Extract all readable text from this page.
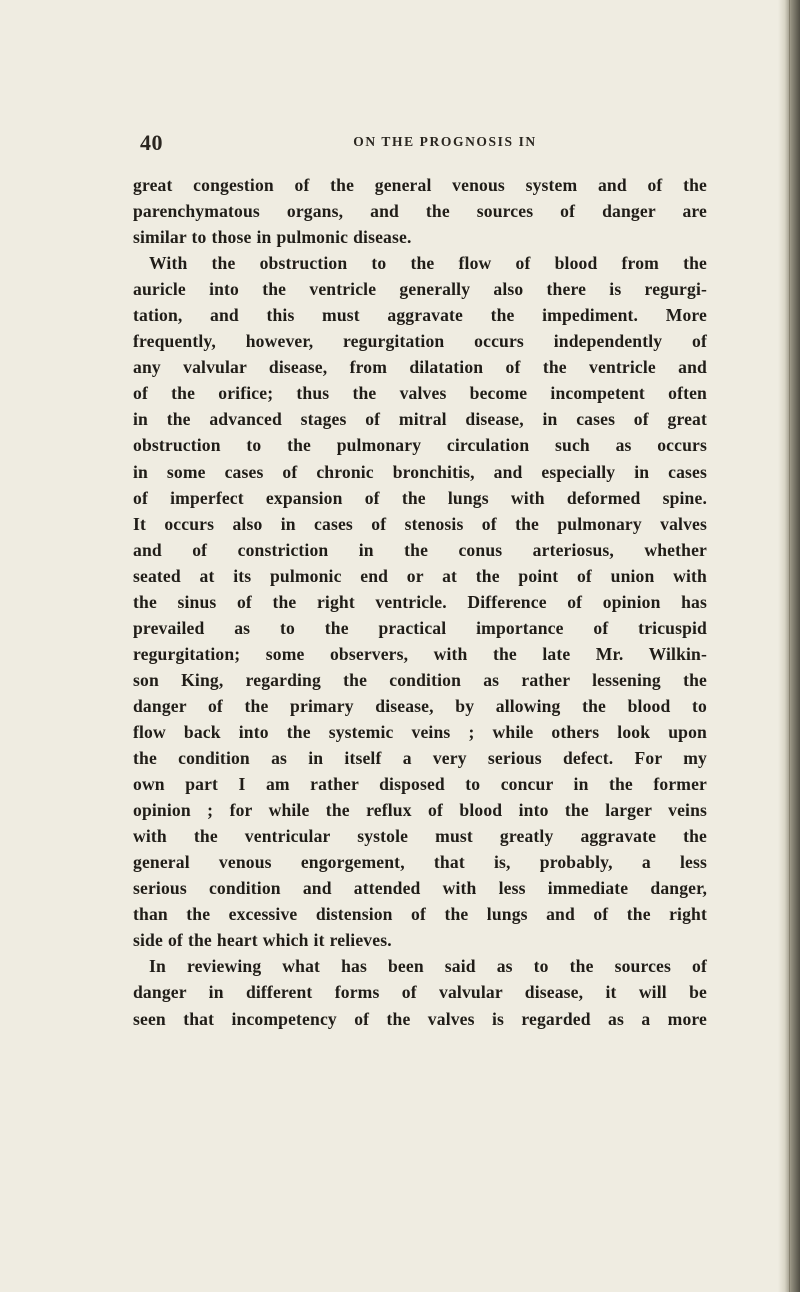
40	ON THE PROGNOSIS IN

great congestion of the general venous system and of the
parenchymatous organs, and the sources of danger are
similar to those in pulmonic disease.

With the obstruction to the flow of blood from the
auricle into the ventricle generally also there is regurgi-
tation, and this must aggravate the impediment. More
frequently, however, regurgitation occurs independently of
any valvular disease, from dilatation of the ventricle and
of the orifice; thus the valves become incompetent often
in the advanced stages of mitral disease, in cases of great
obstruction to the pulmonary circulation such as occurs
in some cases of chronic bronchitis, and especially in cases
of imperfect expansion of the lungs with deformed spine.
It occurs also in cases of stenosis of the pulmonary valves
and of constriction in the conus arteriosus, whether
seated at its pulmonic end or at the point of union with
the sinus of the right ventricle. Difference of opinion has
prevailed as to the practical importance of tricuspid
regurgitation; some observers, with the late Mr. Wilkin-
son King, regarding the condition as rather lessening the
danger of the primary disease, by allowing the blood to
flow back into the systemic veins ; while others look upon
the condition as in itself a very serious defect. For my
own part I am rather disposed to concur in the former
opinion ; for while the reflux of blood into the larger veins
with the ventricular systole must greatly aggravate the
general venous engorgement, that is, probably, a less
serious condition and attended with less immediate danger,
than the excessive distension of the lungs and of the right
side of the heart which it relieves.

In reviewing what has been said as to the sources of
danger in different forms of valvular disease, it will be
seen that incompetency of the valves is regarded as a more
